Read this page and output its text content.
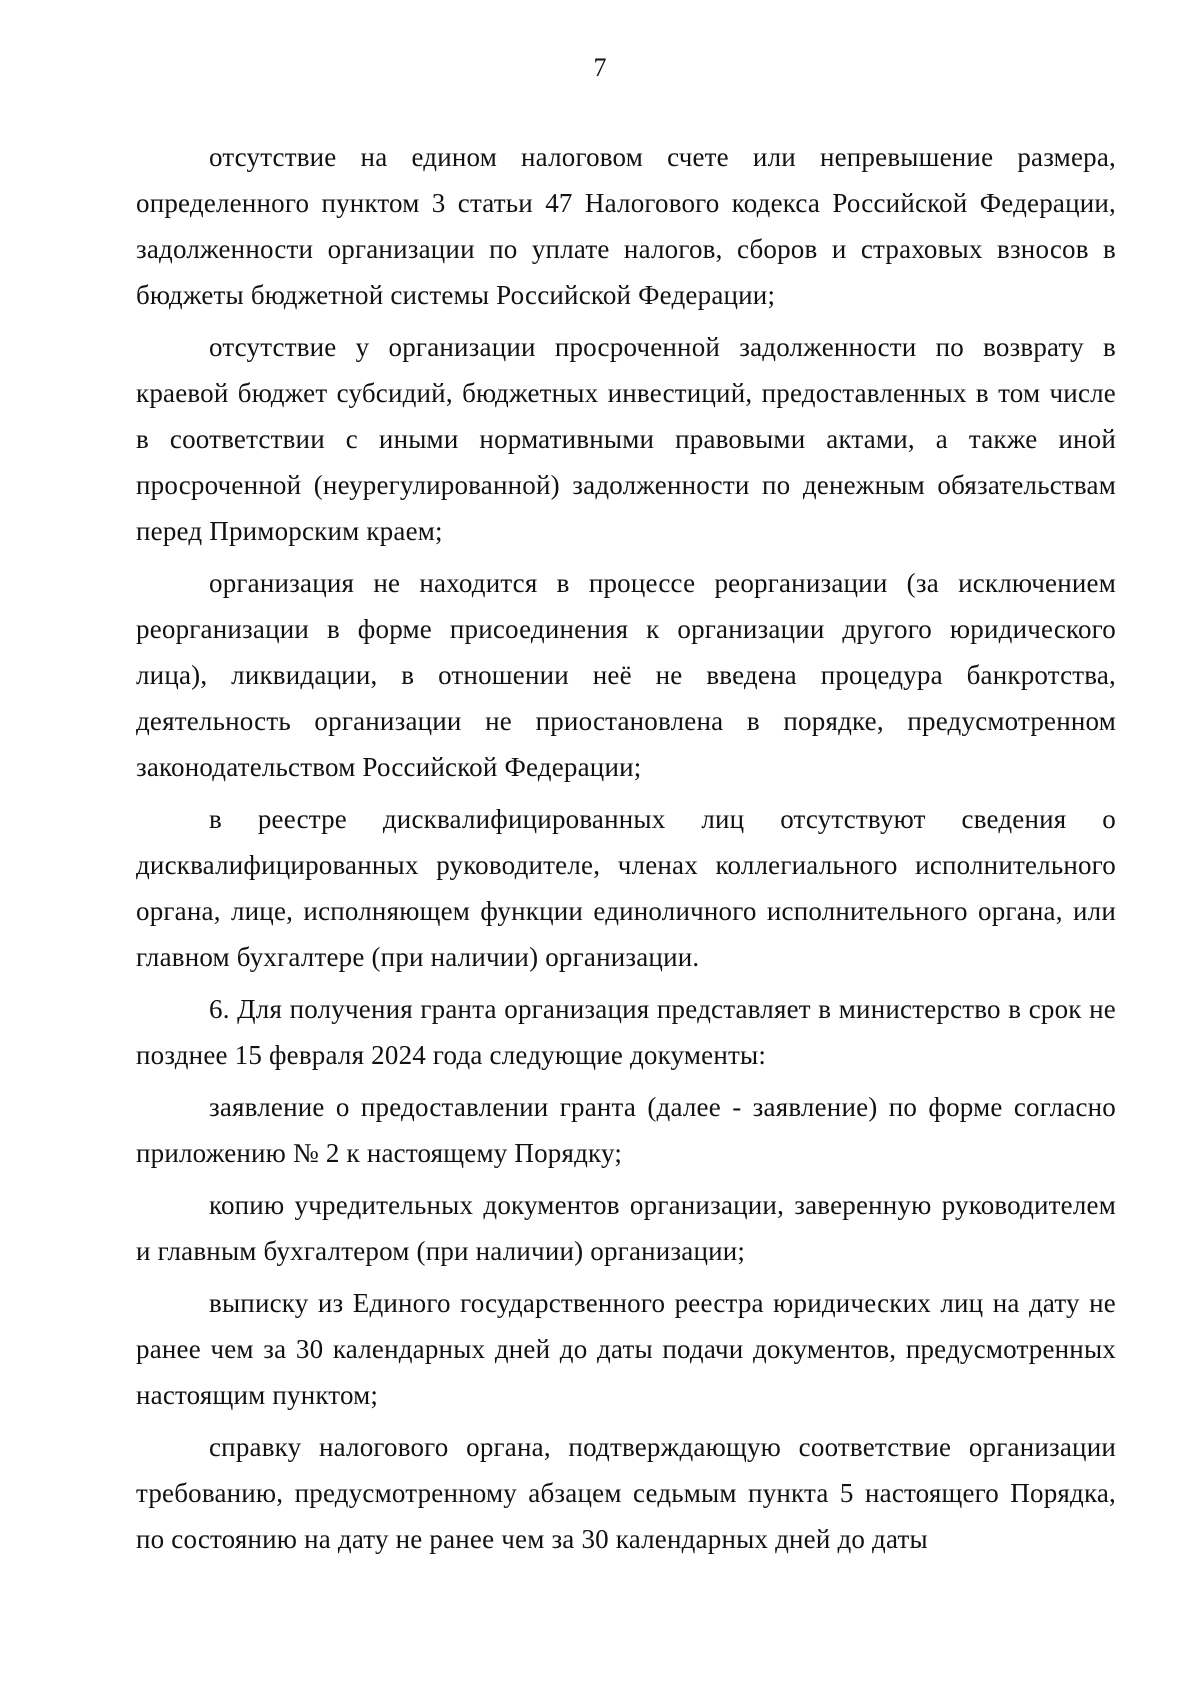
7

отсутствие на едином налоговом счете или непревышение размера, определенного пунктом 3 статьи 47 Налогового кодекса Российской Федерации, задолженности организации по уплате налогов, сборов и страховых взносов в бюджеты бюджетной системы Российской Федерации;

отсутствие у организации просроченной задолженности по возврату в краевой бюджет субсидий, бюджетных инвестиций, предоставленных в том числе в соответствии с иными нормативными правовыми актами, а также иной просроченной (неурегулированной) задолженности по денежным обязательствам перед Приморским краем;

организация не находится в процессе реорганизации (за исключением реорганизации в форме присоединения к организации другого юридического лица), ликвидации, в отношении неё не введена процедура банкротства, деятельность организации не приостановлена в порядке, предусмотренном законодательством Российской Федерации;

в реестре дисквалифицированных лиц отсутствуют сведения о дисквалифицированных руководителе, членах коллегиального исполнительного органа, лице, исполняющем функции единоличного исполнительного органа, или главном бухгалтере (при наличии) организации.

6. Для получения гранта организация представляет в министерство в срок не позднее 15 февраля 2024 года следующие документы:

заявление о предоставлении гранта (далее - заявление) по форме согласно приложению № 2 к настоящему Порядку;

копию учредительных документов организации, заверенную руководителем и главным бухгалтером (при наличии) организации;

выписку из Единого государственного реестра юридических лиц на дату не ранее чем за 30 календарных дней до даты подачи документов, предусмотренных настоящим пунктом;

справку налогового органа, подтверждающую соответствие организации требованию, предусмотренному абзацем седьмым пункта 5 настоящего Порядка, по состоянию на дату не ранее чем за 30 календарных дней до даты
